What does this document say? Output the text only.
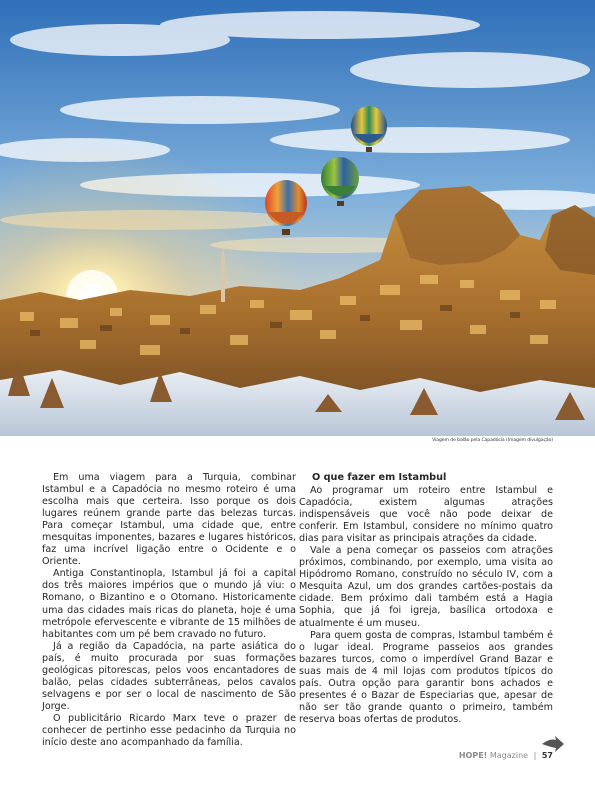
Viagem de balão pela Capadócia (Imagem divulgação)

Em uma viagem para a Turquia, combinar Istambul e a Capadócia no mesmo roteiro é uma escolha mais que certeira. Isso porque os dois lugares reúnem grande parte das belezas turcas. Para começar Istambul, uma cidade que, entre mesquitas imponentes, bazares e lugares históricos, faz uma incrível ligação entre o Ocidente e o Oriente.

Antiga Constantinopla, Istambul já foi a capital dos três maiores impérios que o mundo já viu: o Romano, o Bizantino e o Otomano. Historicamente uma das cidades mais ricas do planeta, hoje é uma metrópole efervescente e vibrante de 15 milhões de habitantes com um pé bem cravado no futuro.

Já a região da Capadócia, na parte asiática do país, é muito procurada por suas formações geológicas pitorescas, pelos voos encantadores de balão, pelas cidades subterrâneas, pelos cavalos selvagens e por ser o local de nascimento de São Jorge.

O publicitário Ricardo Marx teve o prazer de conhecer de pertinho esse pedacinho da Turquia no início deste ano acompanhado da família.

O que fazer em Istambul

Ao programar um roteiro entre Istambul e Capadócia, existem algumas atrações indispensáveis que você não pode deixar de conferir. Em Istambul, considere no mínimo quatro dias para visitar as principais atrações da cidade.

Vale a pena começar os passeios com atrações próximos, combinando, por exemplo, uma visita ao Hipódromo Romano, construído no século IV, com a Mesquita Azul, um dos grandes cartões-postais da cidade. Bem próximo dali também está a Hagia Sophia, que já foi igreja, basílica ortodoxa e atualmente é um museu.

Para quem gosta de compras, Istambul também é o lugar ideal. Programe passeios aos grandes bazares turcos, como o imperdível Grand Bazar e suas mais de 4 mil lojas com produtos típicos do país. Outra opção para garantir bons achados e presentes é o Bazar de Especiarias que, apesar de não ser tão grande quanto o primeiro, também reserva boas ofertas de produtos.

HOPE! Magazine | 57
